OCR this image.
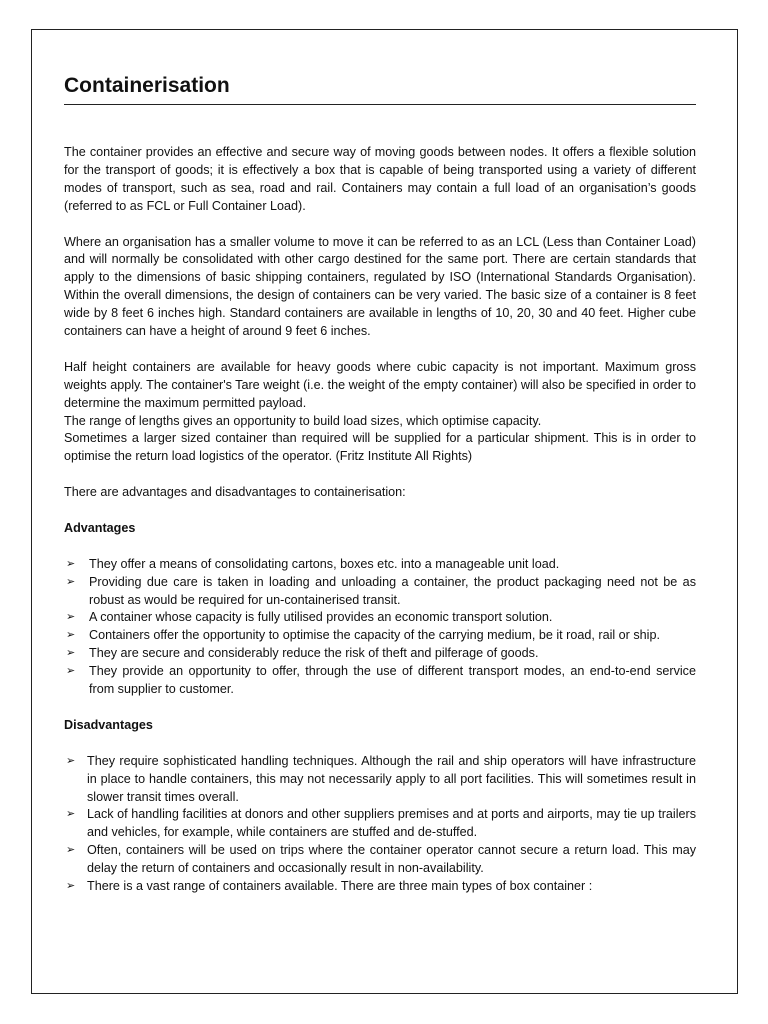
Containerisation

The container provides an effective and secure way of moving goods between nodes. It offers a flexible solution for the transport of goods; it is effectively a box that is capable of being transported using a variety of different modes of transport, such as sea, road and rail. Containers may contain a full load of an organisation’s goods (referred to as FCL or Full Container Load).

Where an organisation has a smaller volume to move it can be referred to as an LCL (Less than Container Load) and will normally be consolidated with other cargo destined for the same port. There are certain standards that apply to the dimensions of basic shipping containers, regulated by ISO (International Standards Organisation). Within the overall dimensions, the design of containers can be very varied. The basic size of a container is 8 feet wide by 8 feet 6 inches high. Standard containers are available in lengths of 10, 20, 30 and 40 feet. Higher cube containers can have a height of around 9 feet 6 inches.

Half height containers are available for heavy goods where cubic capacity is not important. Maximum gross weights apply. The container's Tare weight (i.e. the weight of the empty container) will also be specified in order to determine the maximum permitted payload.

The range of lengths gives an opportunity to build load sizes, which optimise capacity.

Sometimes a larger sized container than required will be supplied for a particular shipment. This is in order to optimise the return load logistics of the operator. (Fritz Institute All Rights)

There are advantages and disadvantages to containerisation:

Advantages

➢ They offer a means of consolidating cartons, boxes etc. into a manageable unit load.
➢ Providing due care is taken in loading and unloading a container, the product packaging need not be as robust as would be required for un-containerised transit.
➢ A container whose capacity is fully utilised provides an economic transport solution.
➢ Containers offer the opportunity to optimise the capacity of the carrying medium, be it road, rail or ship.
➢ They are secure and considerably reduce the risk of theft and pilferage of goods.
➢ They provide an opportunity to offer, through the use of different transport modes, an end-to-end service from supplier to customer.

Disadvantages

➢ They require sophisticated handling techniques. Although the rail and ship operators will have infrastructure in place to handle containers, this may not necessarily apply to all port facilities. This will sometimes result in slower transit times overall.
➢ Lack of handling facilities at donors and other suppliers premises and at ports and airports, may tie up trailers and vehicles, for example, while containers are stuffed and de-stuffed.
➢ Often, containers will be used on trips where the container operator cannot secure a return load. This may delay the return of containers and occasionally result in non-availability.
➢ There is a vast range of containers available. There are three main types of box container :
